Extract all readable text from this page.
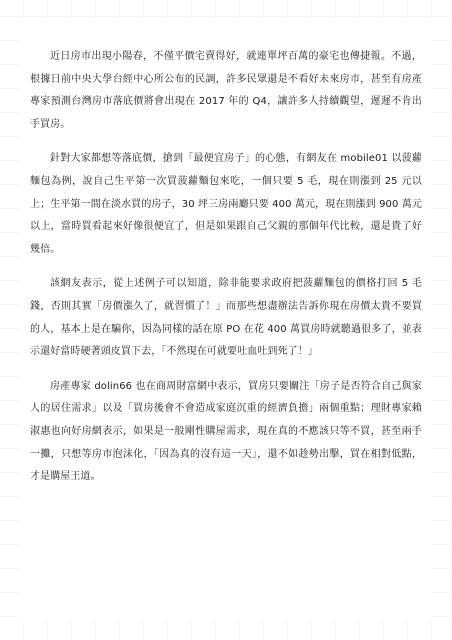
近日房市出現小陽春，不僅平價宅賣得好，就連單坪百萬的豪宅也傳捷報。不過，根據日前中央大學台經中心所公布的民調，許多民眾還是不看好未來房市，甚至有房產專家預測台灣房市落底價將會出現在 2017 年的 Q4，讓許多人持續觀望，遲遲不肯出手買房。

針對大家都想等落底價，搶到「最便宜房子」的心態，有網友在 mobile01 以菠蘿麵包為例，說自己生平第一次買菠蘿麵包來吃，一個只要 5 毛，現在則漲到 25 元以上；生平第一間在淡水買的房子，30 坪三房兩廳只要 400 萬元，現在則漲到 900 萬元以上，當時買看起來好像很便宜了，但是如果跟自己父親的那個年代比較，還是貴了好幾倍。

該網友表示，從上述例子可以知道，除非能要求政府把菠蘿麵包的價格打回 5 毛錢，否則其實「房價漲久了，就習慣了！」而那些想盡辦法告訴你現在房價太貴不要買的人，基本上是在騙你，因為同樣的話在原 PO 在花 400 萬買房時就聽過很多了，並表示還好當時硬著頭皮買下去，「不然現在可就要吐血吐到死了！」

房產專家 dolin66 也在商周財富網中表示，買房只要關注「房子是否符合自己與家人的居住需求」以及「買房後會不會造成家庭沉重的經濟負擔」兩個重點；理財專家賴淑惠也向好房網表示，如果是一般剛性購屋需求，現在真的不應該只等不買，甚至兩手一攤，只想等房市泡沫化，「因為真的沒有這一天」，還不如趁勢出擊，買在相對低點，才是購屋王道。
